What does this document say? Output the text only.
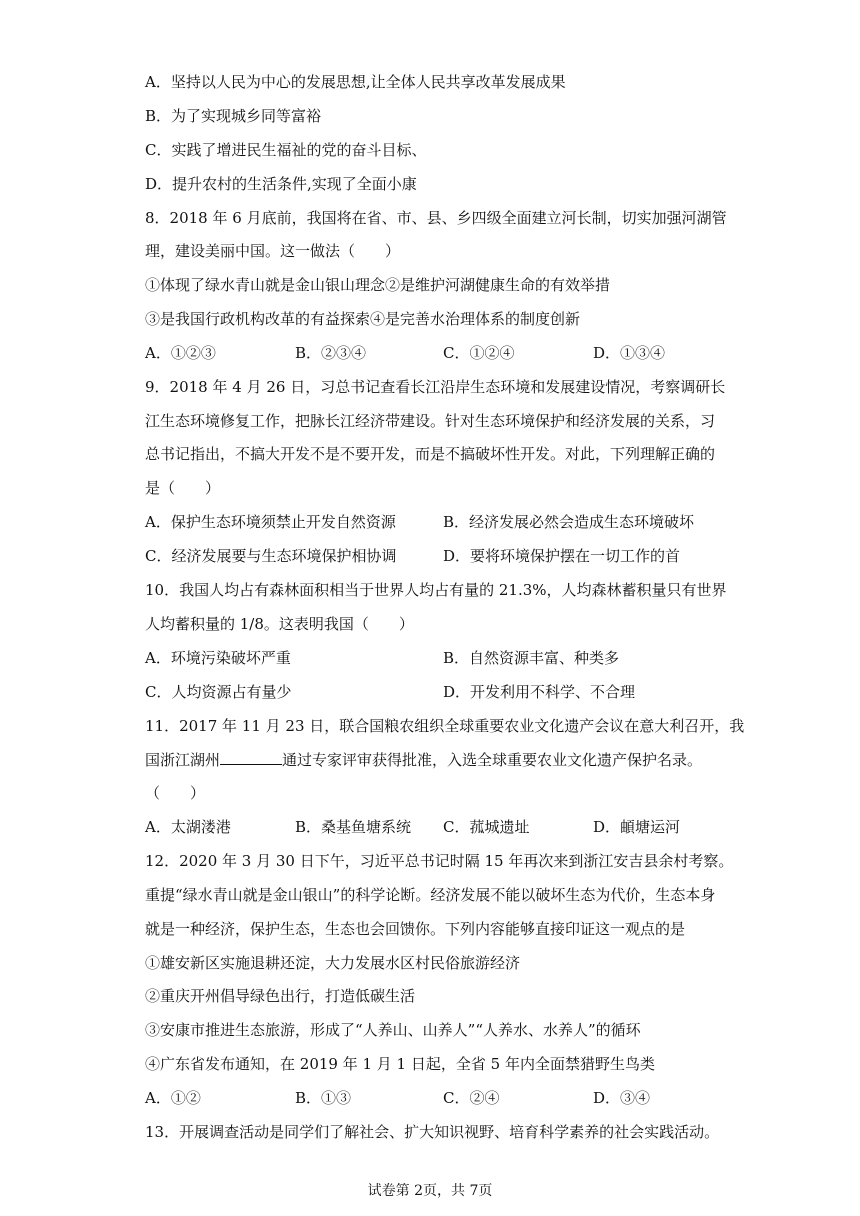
A．坚持以人民为中心的发展思想,让全体人民共享改革发展成果
B．为了实现城乡同等富裕
C．实践了增进民生福祉的党的奋斗目标、
D．提升农村的生活条件,实现了全面小康
8．2018 年 6 月底前，我国将在省、市、县、乡四级全面建立河长制，切实加强河湖管
理，建设美丽中国。这一做法（　　）
①体现了绿水青山就是金山银山理念②是维护河湖健康生命的有效举措
③是我国行政机构改革的有益探索④是完善水治理体系的制度创新
A．①②③	B．②③④	C．①②④	D．①③④
9．2018 年 4 月 26 日，习总书记查看长江沿岸生态环境和发展建设情况，考察调研长
江生态环境修复工作，把脉长江经济带建设。针对生态环境保护和经济发展的关系，习
总书记指出，不搞大开发不是不要开发，而是不搞破坏性开发。对此，下列理解正确的
是（　　）
A．保护生态环境须禁止开发自然资源	B．经济发展必然会造成生态环境破坏
C．经济发展要与生态环境保护相协调	D．要将环境保护摆在一切工作的首
10．我国人均占有森林面积相当于世界人均占有量的 21.3%，人均森林蓄积量只有世界
人均蓄积量的 1/8。这表明我国（　　）
A．环境污染破坏严重	B．自然资源丰富、种类多
C．人均资源占有量少	D．开发利用不科学、不合理
11．2017 年 11 月 23 日，联合国粮农组织全球重要农业文化遗产会议在意大利召开，我
国浙江湖州	通过专家评审获得批准，入选全球重要农业文化遗产保护名录。
（　　）
A．太湖溇港	B．桑基鱼塘系统 C．菰城遗址	D．頔塘运河
12．2020 年 3 月 30 日下午，习近平总书记时隔 15 年再次来到浙江安吉县余村考察。
重提“绿水青山就是金山银山”的科学论断。经济发展不能以破坏生态为代价，生态本身
就是一种经济，保护生态，生态也会回馈你。下列内容能够直接印证这一观点的是
①雄安新区实施退耕还淀，大力发展水区村民俗旅游经济
②重庆开州倡导绿色出行，打造低碳生活
③安康市推进生态旅游，形成了“人养山、山养人”“人养水、水养人”的循环
④广东省发布通知，在 2019 年 1 月 1 日起，全省 5 年内全面禁猎野生鸟类
A．①②	B．①③	C．②④	D．③④
13．开展调查活动是同学们了解社会、扩大知识视野、培育科学素养的社会实践活动。
试卷第 2页，共 7页
